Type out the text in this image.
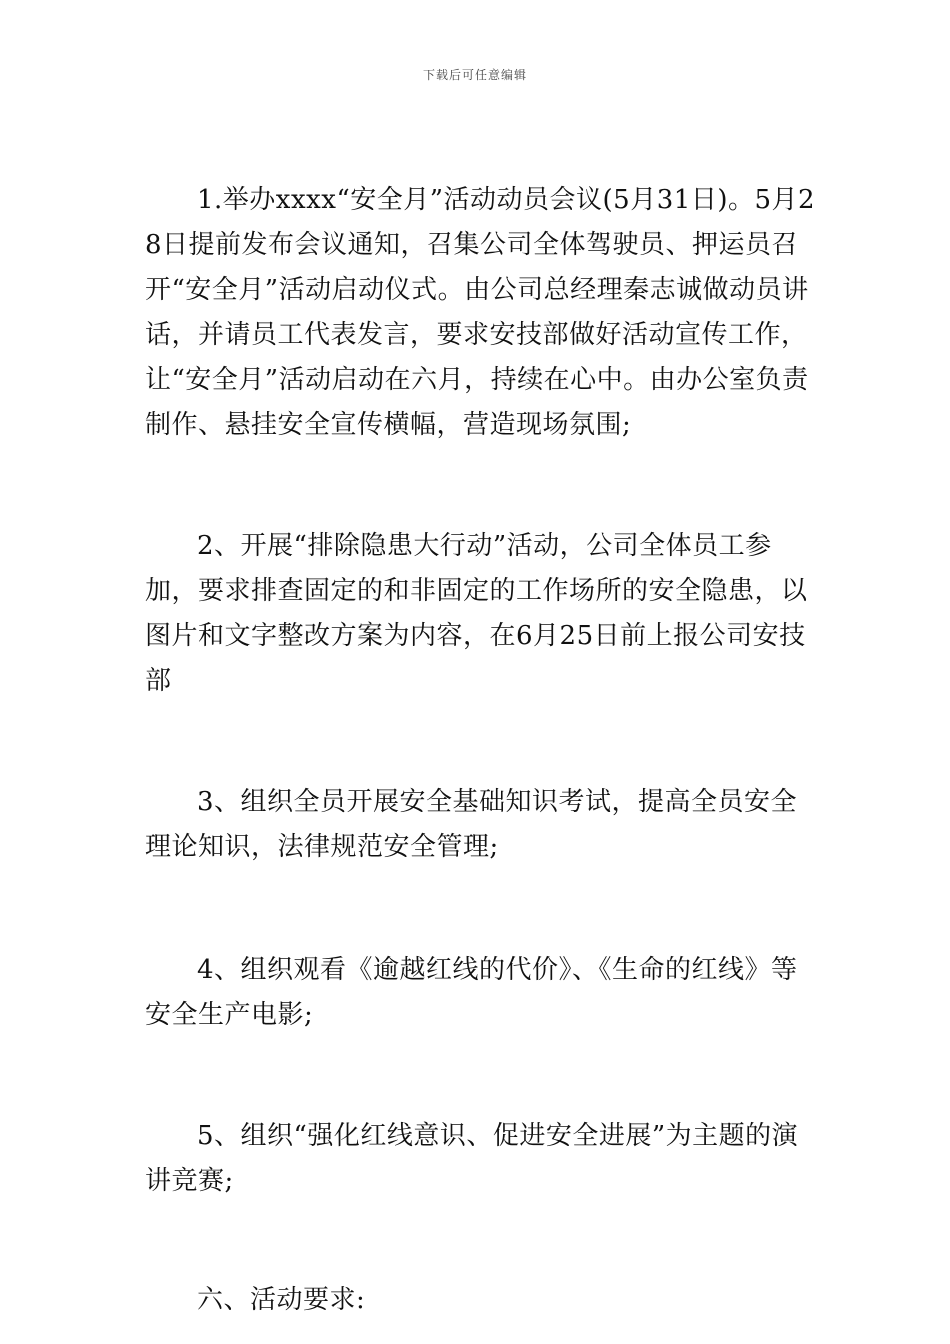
下载后可任意编辑

1.举办xxxx“安全月”活动动员会议(5月31日)。5月28日提前发布会议通知，召集公司全体驾驶员、押运员召开“安全月”活动启动仪式。由公司总经理秦志诚做动员讲话，并请员工代表发言，要求安技部做好活动宣传工作，让“安全月”活动启动在六月，持续在心中。由办公室负责制作、悬挂安全宣传横幅，营造现场氛围;

2、开展“排除隐患大行动”活动，公司全体员工参加，要求排查固定的和非固定的工作场所的安全隐患，以图片和文字整改方案为内容，在6月25日前上报公司安技部

3、组织全员开展安全基础知识考试，提高全员安全理论知识，法律规范安全管理;

4、组织观看《逾越红线的代价》、《生命的红线》等安全生产电影;

5、组织“强化红线意识、促进安全进展”为主题的演讲竞赛;

六、活动要求:
